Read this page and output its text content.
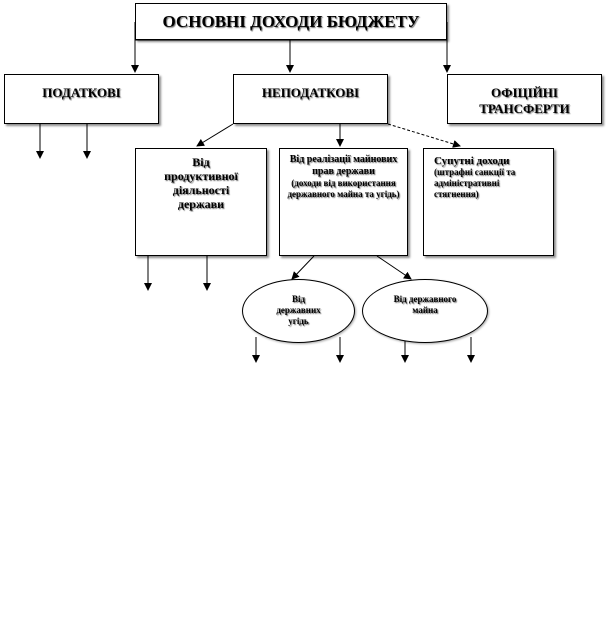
ОСНОВНІ ДОХОДИ БЮДЖЕТУ
ПОДАТКОВІ	НЕПОДАТКОВІ	ОФІЦІЙНІ ТРАНСФЕРТИ
Від продуктивної діяльності держави
Від реалізації майнових прав держави
(доходи від використання державного майна та угідь)
Супутні доходи
(штрафні санкції та адміністративні стягнення)
Від державних угідь
Від державного майна
